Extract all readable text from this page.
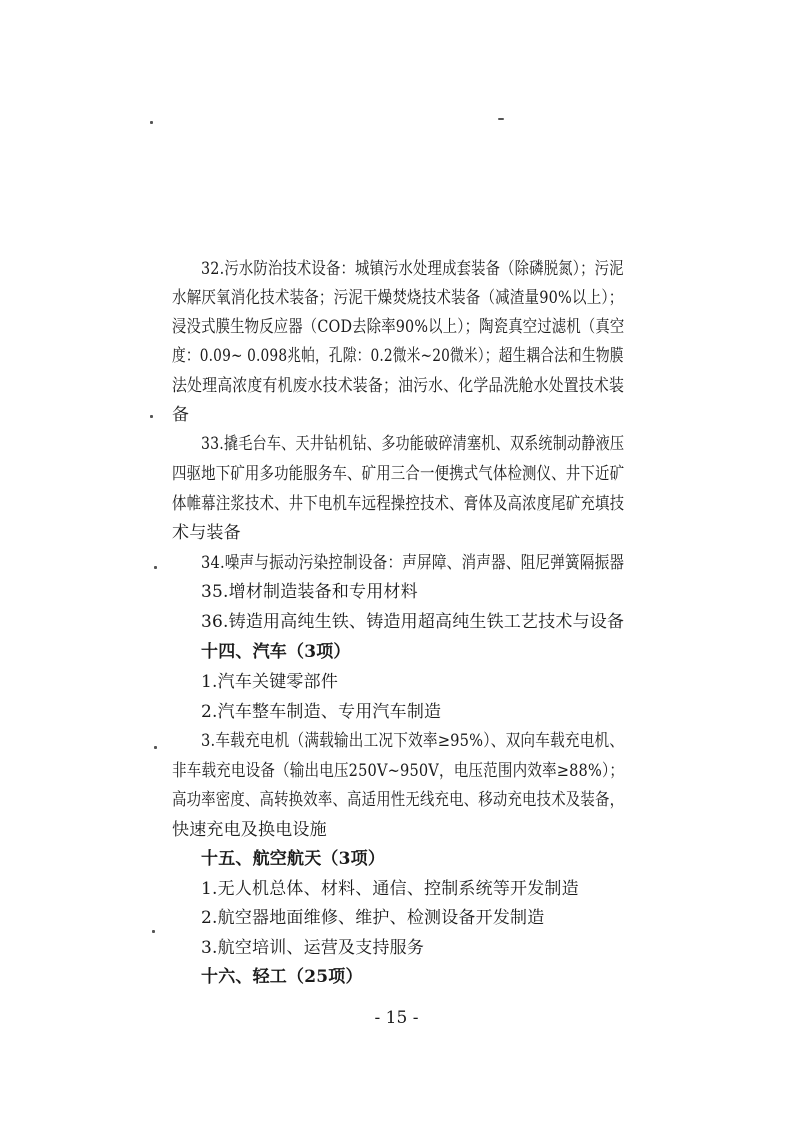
32.污水防治技术设备：城镇污水处理成套装备（除磷脱氮）；污泥
水解厌氧消化技术装备；污泥干燥焚烧技术装备（减渣量90%以上）；
浸没式膜生物反应器（COD去除率90%以上）；陶瓷真空过滤机（真空
度：0.09~ 0.098兆帕，孔隙：0.2微米~20微米）；超生耦合法和生物膜
法处理高浓度有机废水技术装备；油污水、化学品洗舱水处置技术装
备
33.撬毛台车、天井钻机钻、多功能破碎清塞机、双系统制动静液压
四驱地下矿用多功能服务车、矿用三合一便携式气体检测仪、井下近矿
体帷幕注浆技术、井下电机车远程操控技术、膏体及高浓度尾矿充填技
术与装备
34.噪声与振动污染控制设备：声屏障、消声器、阻尼弹簧隔振器
35.增材制造装备和专用材料
36.铸造用高纯生铁、铸造用超高纯生铁工艺技术与设备
十四、汽车（3项）
1.汽车关键零部件
2.汽车整车制造、专用汽车制造
3.车载充电机（满载输出工况下效率≥95%）、双向车载充电机、
非车载充电设备（输出电压250V~950V，电压范围内效率≥88%）；
高功率密度、高转换效率、高适用性无线充电、移动充电技术及装备，
快速充电及换电设施
十五、航空航天（3项）
1.无人机总体、材料、通信、控制系统等开发制造
2.航空器地面维修、维护、检测设备开发制造
3.航空培训、运营及支持服务
十六、轻工（25项）
- 15 -
